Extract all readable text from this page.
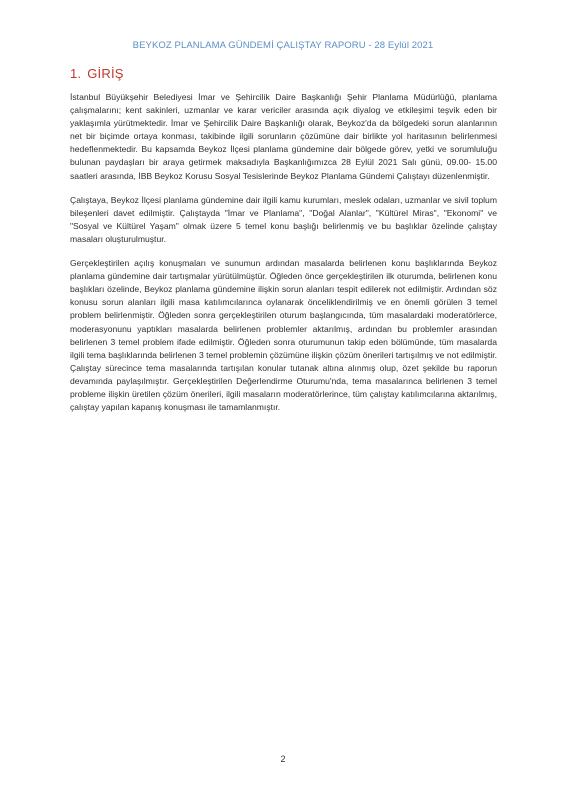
BEYKOZ PLANLAMA GÜNDEMİ ÇALIŞTAY RAPORU - 28 Eylül 2021
1. GİRİŞ

İstanbul Büyükşehir Belediyesi İmar ve Şehircilik Daire Başkanlığı Şehir Planlama Müdürlüğü, planlama çalışmalarını; kent sakinleri, uzmanlar ve karar vericiler arasında açık diyalog ve etkileşimi teşvik eden bir yaklaşımla yürütmektedir. İmar ve Şehircilik Daire Başkanlığı olarak, Beykoz'da da bölgedeki sorun alanlarının net bir biçimde ortaya konması, takibinde ilgili sorunların çözümüne dair birlikte yol haritasının belirlenmesi hedeflenmektedir. Bu kapsamda Beykoz İlçesi planlama gündemine dair bölgede görev, yetki ve sorumluluğu bulunan paydaşları bir araya getirmek maksadıyla Başkanlığımızca 28 Eylül 2021 Salı günü, 09.00- 15.00 saatleri arasında, İBB Beykoz Korusu Sosyal Tesislerinde Beykoz Planlama Gündemi Çalıştayı düzenlenmiştir.

Çalıştaya, Beykoz İlçesi planlama gündemine dair ilgili kamu kurumları, meslek odaları, uzmanlar ve sivil toplum bileşenleri davet edilmiştir. Çalıştayda "İmar ve Planlama", "Doğal Alanlar", "Kültürel Miras", "Ekonomi" ve "Sosyal ve Kültürel Yaşam" olmak üzere 5 temel konu başlığı belirlenmiş ve bu başlıklar özelinde çalıştay masaları oluşturulmuştur.

Gerçekleştirilen açılış konuşmaları ve sunumun ardından masalarda belirlenen konu başlıklarında Beykoz planlama gündemine dair tartışmalar yürütülmüştür. Öğleden önce gerçekleştirilen ilk oturumda, belirlenen konu başlıkları özelinde, Beykoz planlama gündemine ilişkin sorun alanları tespit edilerek not edilmiştir. Ardından söz konusu sorun alanları ilgili masa katılımcılarınca oylanarak önceliklendirilmiş ve en önemli görülen 3 temel problem belirlenmiştir. Öğleden sonra gerçekleştirilen oturum başlangıcında, tüm masalardaki moderatörlerce, moderasyonunu yaptıkları masalarda belirlenen problemler aktarılmış, ardından bu problemler arasından belirlenen 3 temel problem ifade edilmiştir. Öğleden sonra oturumunun takip eden bölümünde, tüm masalarda ilgili tema başlıklarında belirlenen 3 temel problemin çözümüne ilişkin çözüm önerileri tartışılmış ve not edilmiştir. Çalıştay sürecince tema masalarında tartışılan konular tutanak altına alınmış olup, özet şekilde bu raporun devamında paylaşılmıştır. Gerçekleştirilen Değerlendirme Oturumu'nda, tema masalarınca belirlenen 3 temel probleme ilişkin üretilen çözüm önerileri, ilgili masaların moderatörlerince, tüm çalıştay katılımcılarına aktarılmış, çalıştay yapılan kapanış konuşması ile tamamlanmıştır.

2
